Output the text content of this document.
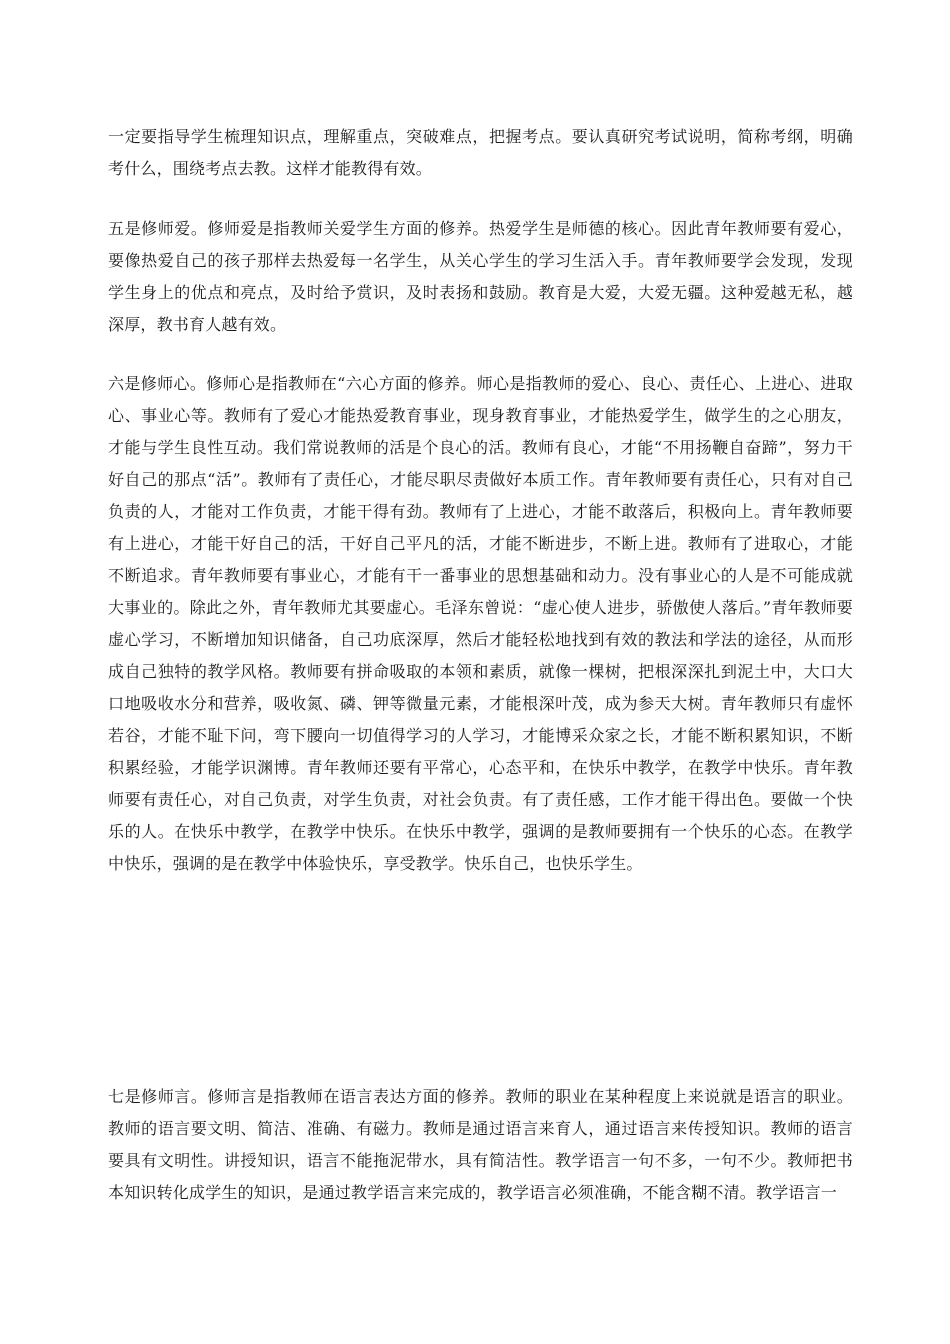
一定要指导学生梳理知识点，理解重点，突破难点，把握考点。要认真研究考试说明，简称考纲，明确考什么，围绕考点去教。这样才能教得有效。

五是修师爱。修师爱是指教师关爱学生方面的修养。热爱学生是师德的核心。因此青年教师要有爱心，要像热爱自己的孩子那样去热爱每一名学生，从关心学生的学习生活入手。青年教师要学会发现，发现学生身上的优点和亮点，及时给予赏识，及时表扬和鼓励。教育是大爱，大爱无疆。这种爱越无私，越深厚，教书育人越有效。

六是修师心。修师心是指教师在“六心方面的修养。师心是指教师的爱心、良心、责任心、上进心、进取心、事业心等。教师有了爱心才能热爱教育事业，现身教育事业，才能热爱学生，做学生的之心朋友，才能与学生良性互动。我们常说教师的活是个良心的活。教师有良心，才能“不用扬鞭自奋蹄”，努力干好自己的那点“活”。教师有了责任心，才能尽职尽责做好本质工作。青年教师要有责任心，只有对自己负责的人，才能对工作负责，才能干得有劲。教师有了上进心，才能不敢落后，积极向上。青年教师要有上进心，才能干好自己的活，干好自己平凡的活，才能不断进步，不断上进。教师有了进取心，才能不断追求。青年教师要有事业心，才能有干一番事业的思想基础和动力。没有事业心的人是不可能成就大事业的。除此之外，青年教师尤其要虚心。毛泽东曾说：“虚心使人进步，骄傲使人落后。”青年教师要虚心学习，不断增加知识储备，自己功底深厚，然后才能轻松地找到有效的教法和学法的途径，从而形成自己独特的教学风格。教师要有拼命吸取的本领和素质，就像一棵树，把根深深扎到泥土中，大口大口地吸收水分和营养，吸收氮、磷、钾等微量元素，才能根深叶茂，成为参天大树。青年教师只有虚怀若谷，才能不耻下问，弯下腰向一切值得学习的人学习，才能博采众家之长，才能不断积累知识，不断积累经验，才能学识渊博。青年教师还要有平常心，心态平和，在快乐中教学，在教学中快乐。青年教师要有责任心，对自己负责，对学生负责，对社会负责。有了责任感，工作才能干得出色。要做一个快乐的人。在快乐中教学，在教学中快乐。在快乐中教学，强调的是教师要拥有一个快乐的心态。在教学中快乐，强调的是在教学中体验快乐，享受教学。快乐自己，也快乐学生。

七是修师言。修师言是指教师在语言表达方面的修养。教师的职业在某种程度上来说就是语言的职业。教师的语言要文明、简洁、准确、有磁力。教师是通过语言来育人，通过语言来传授知识。教师的语言要具有文明性。讲授知识，语言不能拖泥带水，具有简洁性。教学语言一句不多，一句不少。教师把书本知识转化成学生的知识，是通过教学语言来完成的，教学语言必须准确，不能含糊不清。教学语言一
